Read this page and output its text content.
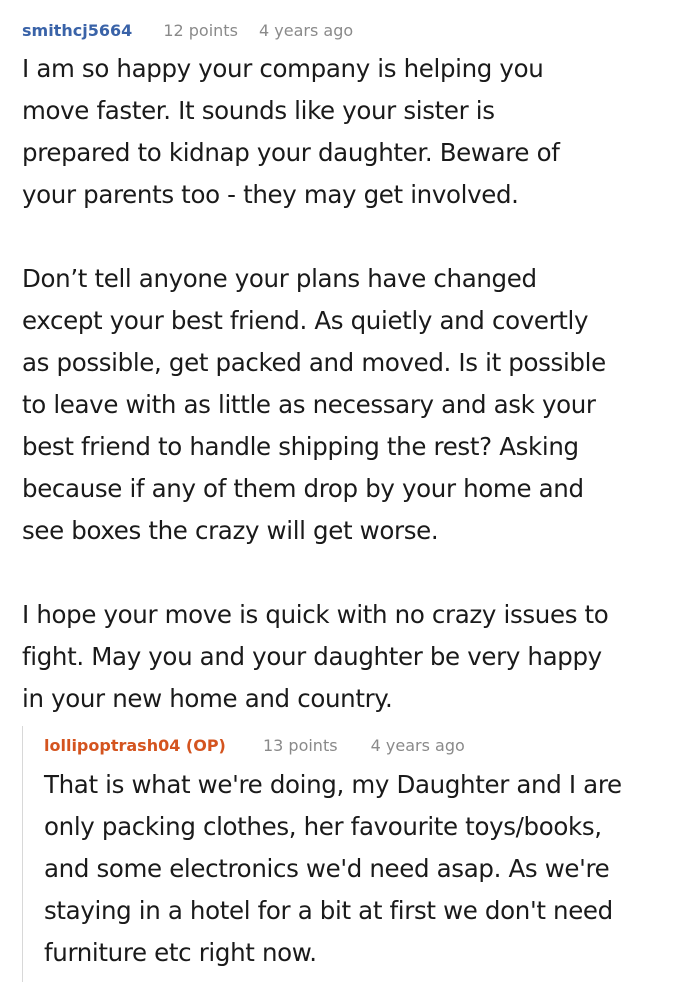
smithcj5664 12 points 4 years ago

I am so happy your company is helping you
move faster. It sounds like your sister is
prepared to kidnap your daughter. Beware of
your parents too - they may get involved.

Don’t tell anyone your plans have changed
except your best friend. As quietly and covertly
as possible, get packed and moved. Is it possible
to leave with as little as necessary and ask your
best friend to handle shipping the rest? Asking
because if any of them drop by your home and
see boxes the crazy will get worse.

I hope your move is quick with no crazy issues to
fight. May you and your daughter be very happy
in your new home and country.

lollipoptrash04 (OP) 13 points 4 years ago

That is what we're doing, my Daughter and I are
only packing clothes, her favourite toys/books,
and some electronics we'd need asap. As we're
staying in a hotel for a bit at first we don't need
furniture etc right now.
